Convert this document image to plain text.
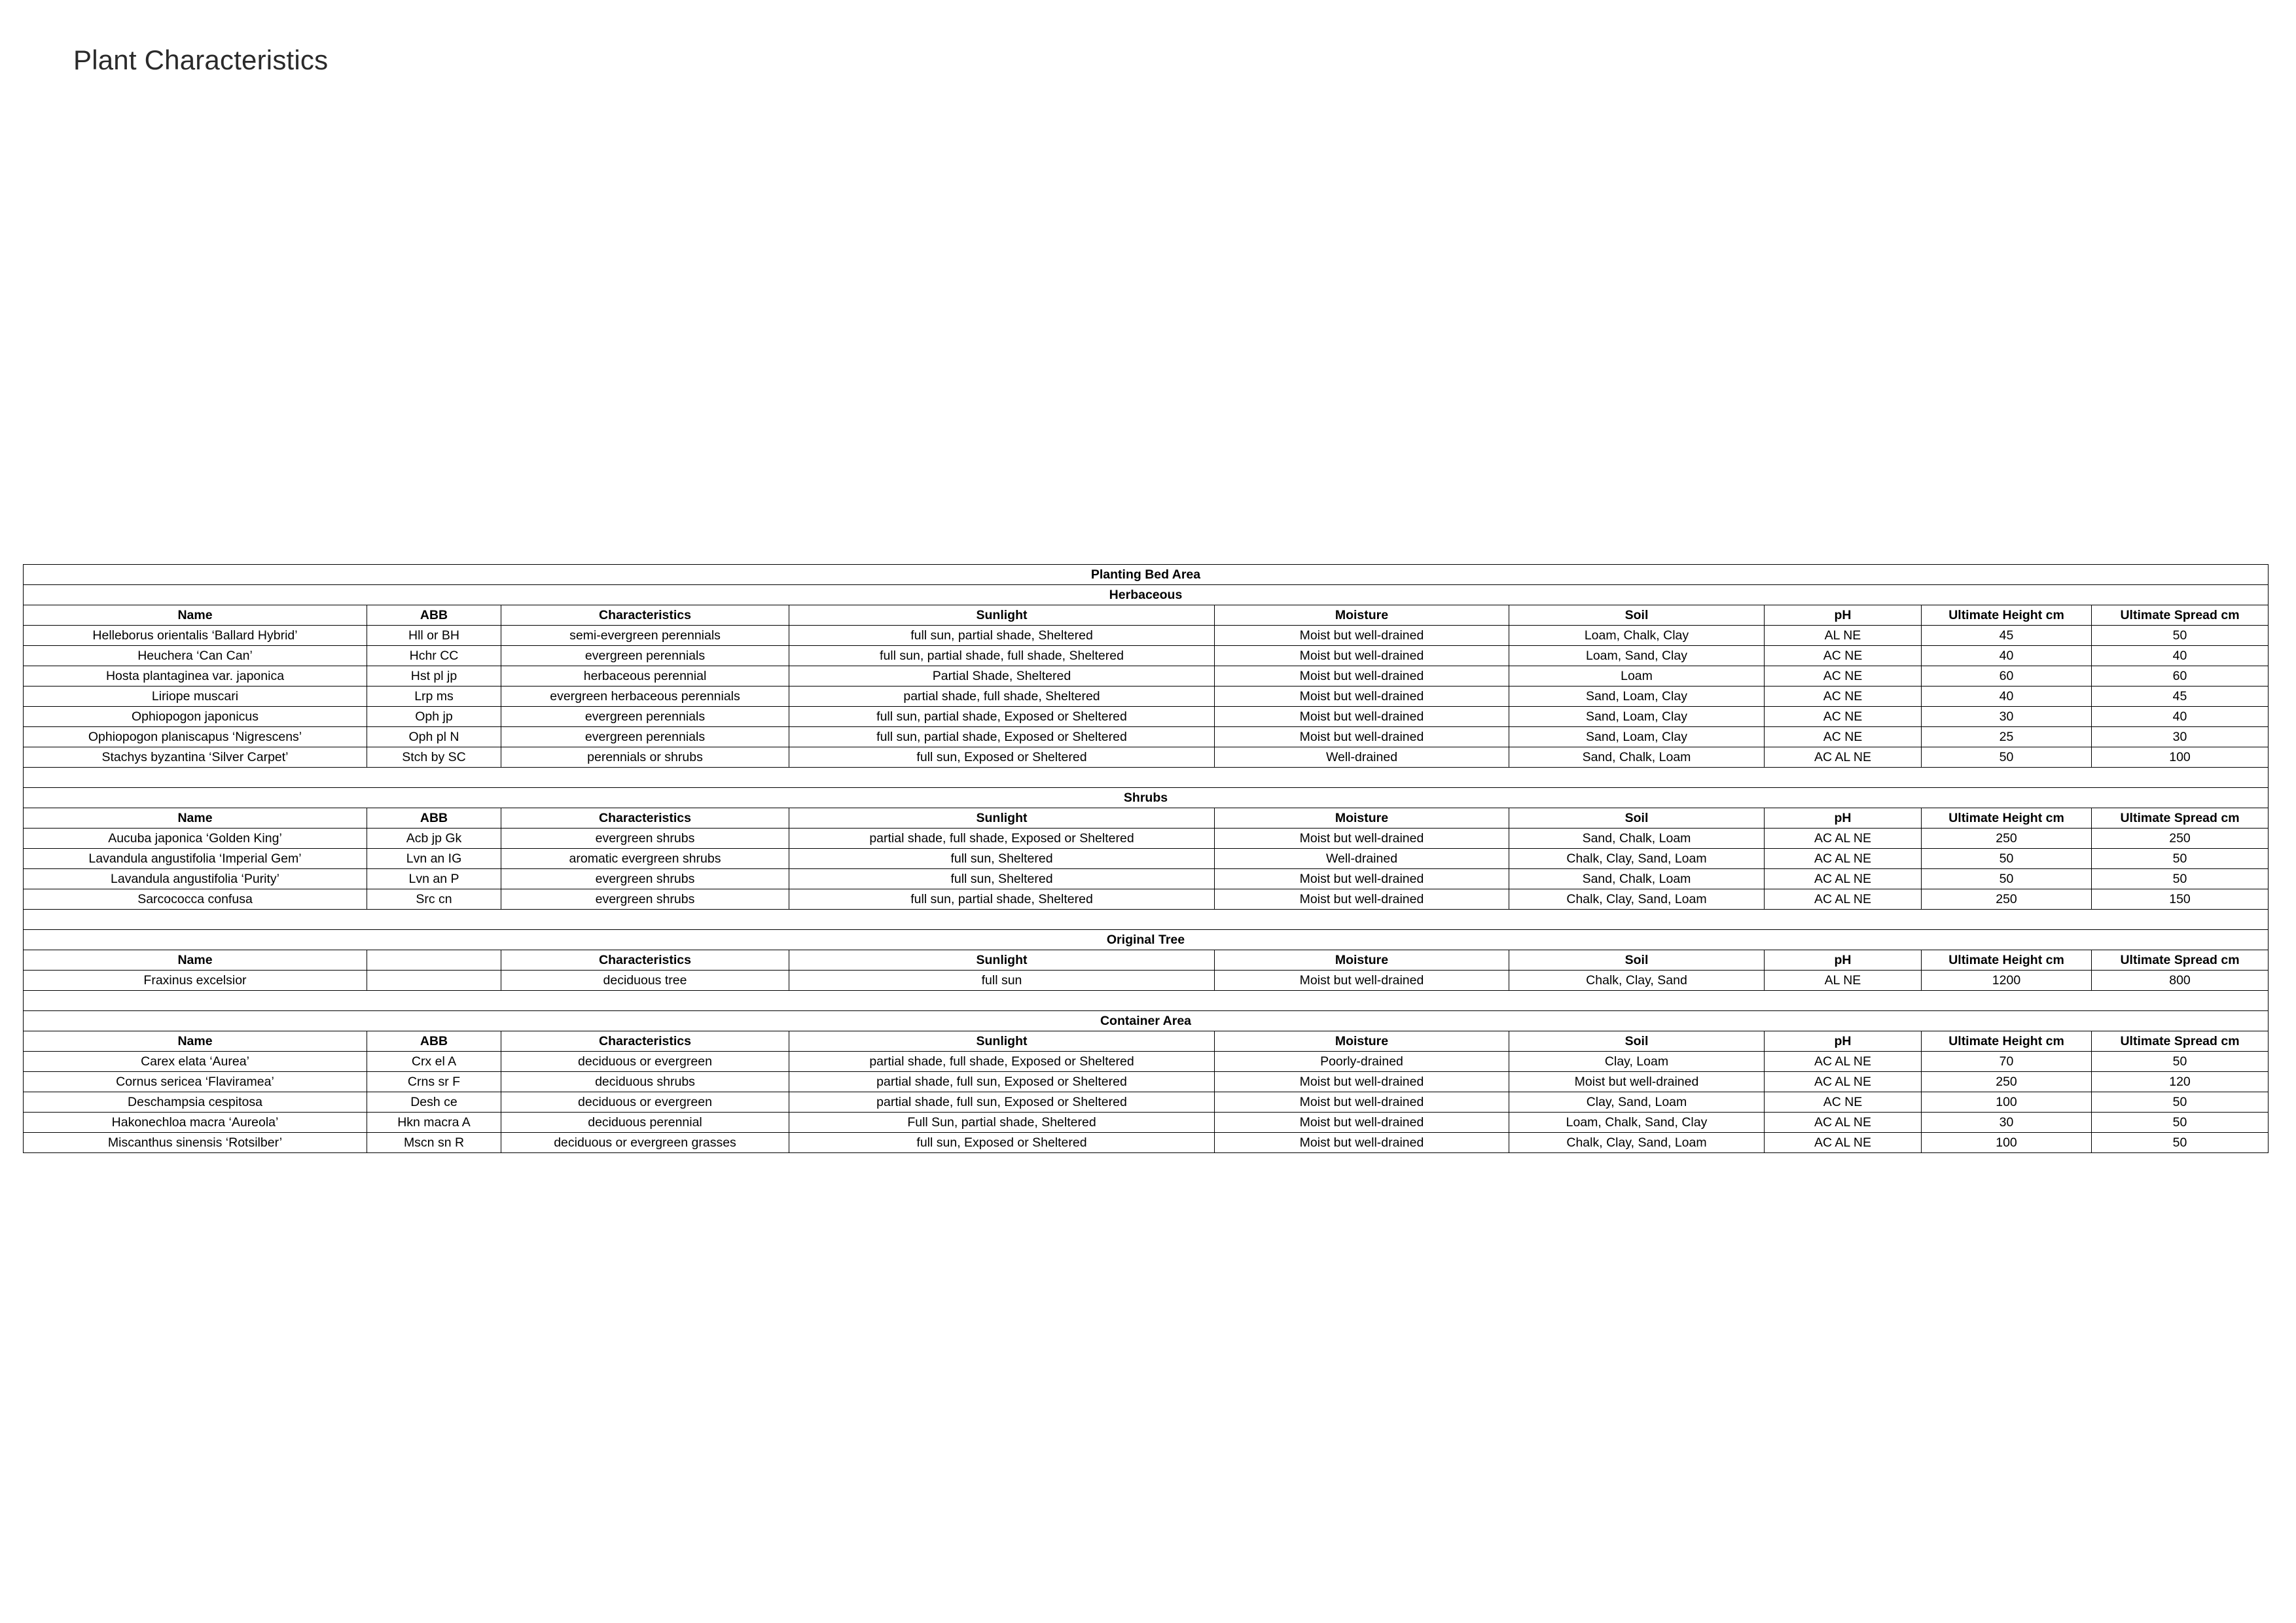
Plant Characteristics
Planting Bed Area								
Herbaceous								
Name	ABB	Characteristics	Sunlight	Moisture	Soil	pH	Ultimate Height cm	Ultimate Spread cm
Helleborus orientalis ‘Ballard Hybrid’	Hll or BH	semi-evergreen perennials	full sun, partial shade, Sheltered	Moist but well-drained	Loam, Chalk, Clay	AL NE	45	50
Heuchera ‘Can Can’	Hchr CC	evergreen perennials	full sun, partial shade, full shade, Sheltered	Moist but well-drained	Loam, Sand, Clay	AC NE	40	40
Hosta plantaginea var. japonica	Hst pl jp	herbaceous perennial	Partial Shade, Sheltered	Moist but well-drained	Loam	AC NE	60	60
Liriope muscari	Lrp ms	evergreen herbaceous perennials	partial shade, full shade, Sheltered	Moist but well-drained	Sand, Loam, Clay	AC NE	40	45
Ophiopogon japonicus	Oph jp	evergreen perennials	full sun, partial shade, Exposed or Sheltered	Moist but well-drained	Sand, Loam, Clay	AC NE	30	40
Ophiopogon planiscapus ‘Nigrescens’	Oph pl N	evergreen perennials	full sun, partial shade, Exposed or Sheltered	Moist but well-drained	Sand, Loam, Clay	AC NE	25	30
Stachys byzantina ‘Silver Carpet’	Stch by SC	perennials or shrubs	full sun, Exposed or Sheltered	Well-drained	Sand, Chalk, Loam	AC AL NE	50	100

Shrubs								
Name	ABB	Characteristics	Sunlight	Moisture	Soil	pH	Ultimate Height cm	Ultimate Spread cm
Aucuba japonica ‘Golden King’	Acb jp Gk	evergreen shrubs	partial shade, full shade, Exposed or Sheltered	Moist but well-drained	Sand, Chalk, Loam	AC AL NE	250	250
Lavandula angustifolia ‘Imperial Gem’	Lvn an IG	aromatic evergreen shrubs	full sun, Sheltered	Well-drained	Chalk, Clay, Sand, Loam	AC AL NE	50	50
Lavandula angustifolia ‘Purity’	Lvn an P	evergreen shrubs	full sun, Sheltered	Moist but well-drained	Sand, Chalk, Loam	AC AL NE	50	50
Sarcococca confusa	Src cn	evergreen shrubs	full sun, partial shade, Sheltered	Moist but well-drained	Chalk, Clay, Sand, Loam	AC AL NE	250	150

Original Tree								
Name		Characteristics	Sunlight	Moisture	Soil	pH	Ultimate Height cm	Ultimate Spread cm
Fraxinus excelsior		deciduous tree	full sun	Moist but well-drained	Chalk, Clay, Sand	AL NE	1200	800

Container Area								
Name	ABB	Characteristics	Sunlight	Moisture	Soil	pH	Ultimate Height cm	Ultimate Spread cm
Carex elata ‘Aurea’	Crx el A	deciduous or evergreen	partial shade, full shade, Exposed or Sheltered	Poorly-drained	Clay, Loam	AC AL NE	70	50
Cornus sericea ‘Flaviramea’	Crns sr F	deciduous shrubs	partial shade, full sun, Exposed or Sheltered	Moist but well-drained	Moist but well-drained	AC AL NE	250	120
Deschampsia cespitosa	Desh ce	deciduous or evergreen	partial shade, full sun, Exposed or Sheltered	Moist but well-drained	Clay, Sand, Loam	AC NE	100	50
Hakonechloa macra ‘Aureola’	Hkn macra A	deciduous perennial	Full Sun, partial shade, Sheltered	Moist but well-drained	Loam, Chalk, Sand, Clay	AC AL NE	30	50
Miscanthus sinensis ‘Rotsilber’	Mscn sn R	deciduous or evergreen grasses	full sun, Exposed or Sheltered	Moist but well-drained	Chalk, Clay, Sand, Loam	AC AL NE	100	50
